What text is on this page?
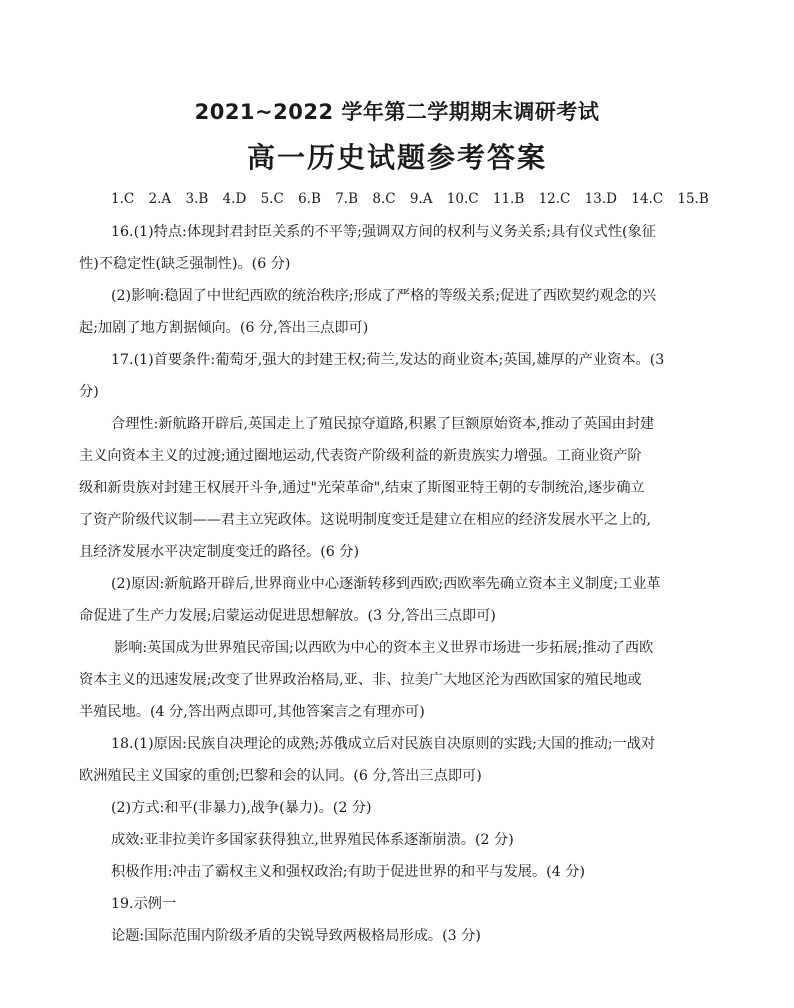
2021~2022 学年第二学期期末调研考试
高一历史试题参考答案
1.C 2.A 3.B 4.D 5.C 6.B 7.B 8.C 9.A 10.C 11.B 12.C 13.D 14.C 15.B
16.(1)特点:体现封君封臣关系的不平等;强调双方间的权利与义务关系;具有仪式性(象征
性)不稳定性(缺乏强制性)。(6 分)
(2)影响:稳固了中世纪西欧的统治秩序;形成了严格的等级关系;促进了西欧契约观念的兴
起;加剧了地方割据倾向。(6 分,答出三点即可)
17.(1)首要条件:葡萄牙,强大的封建王权;荷兰,发达的商业资本;英国,雄厚的产业资本。(3
分)
合理性:新航路开辟后,英国走上了殖民掠夺道路,积累了巨额原始资本,推动了英国由封建
主义向资本主义的过渡;通过圈地运动,代表资产阶级利益的新贵族实力增强。工商业资产阶
级和新贵族对封建王权展开斗争,通过"光荣革命",结束了斯图亚特王朝的专制统治,逐步确立
了资产阶级代议制——君主立宪政体。这说明制度变迁是建立在相应的经济发展水平之上的,
且经济发展水平决定制度变迁的路径。(6 分)
(2)原因:新航路开辟后,世界商业中心逐渐转移到西欧;西欧率先确立资本主义制度;工业革
命促进了生产力发展;启蒙运动促进思想解放。(3 分,答出三点即可)
影响:英国成为世界殖民帝国;以西欧为中心的资本主义世界市场进一步拓展;推动了西欧
资本主义的迅速发展;改变了世界政治格局,亚、非、拉美广大地区沦为西欧国家的殖民地或
半殖民地。(4 分,答出两点即可,其他答案言之有理亦可)
18.(1)原因:民族自决理论的成熟;苏俄成立后对民族自决原则的实践;大国的推动;一战对
欧洲殖民主义国家的重创;巴黎和会的认同。(6 分,答出三点即可)
(2)方式:和平(非暴力),战争(暴力)。(2 分)
成效:亚非拉美许多国家获得独立,世界殖民体系逐渐崩溃。(2 分)
积极作用:冲击了霸权主义和强权政治;有助于促进世界的和平与发展。(4 分)
19.示例一
论题:国际范围内阶级矛盾的尖锐导致两极格局形成。(3 分)
